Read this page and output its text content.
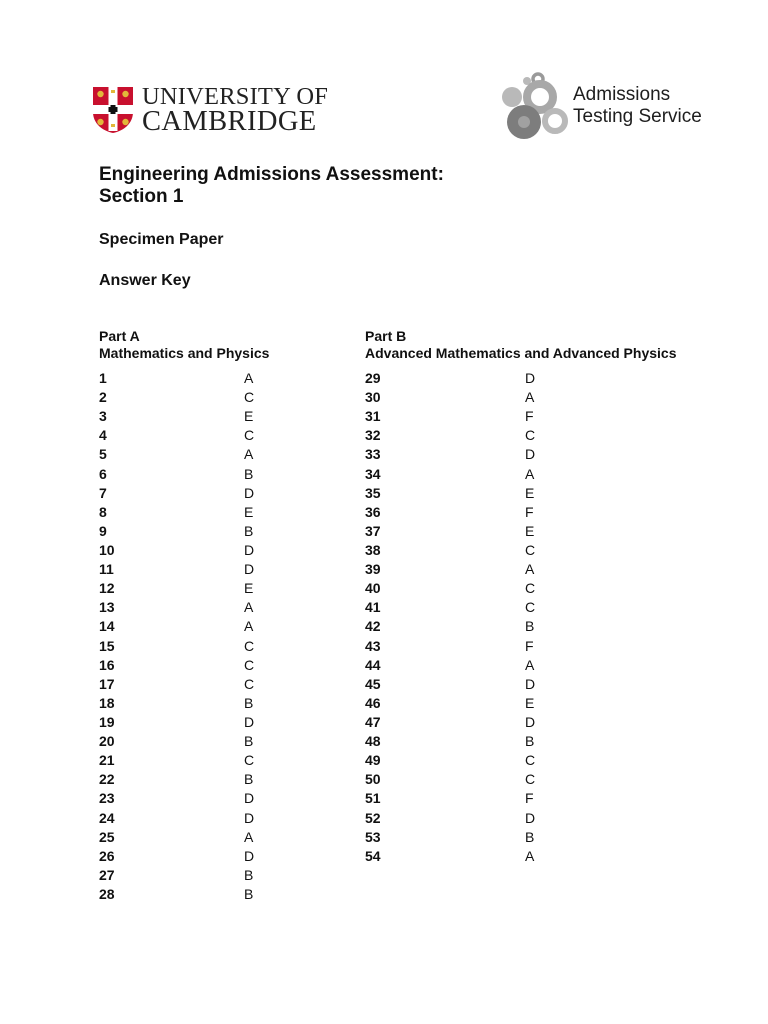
UNIVERSITY OF
CAMBRIDGE
Admissions
Testing Service
Engineering Admissions Assessment:
Section 1
Specimen Paper
Answer Key
Part A
Mathematics and Physics
Part B
Advanced Mathematics and Advanced Physics
1	A
2	C
3	E
4	C
5	A
6	B
7	D
8	E
9	B
10	D
11	D
12	E
13	A
14	A
15	C
16	C
17	C
18	B
19	D
20	B
21	C
22	B
23	D
24	D
25	A
26	D
27	B
28	B
29	D
30	A
31	F
32	C
33	D
34	A
35	E
36	F
37	E
38	C
39	A
40	C
41	C
42	B
43	F
44	A
45	D
46	E
47	D
48	B
49	C
50	C
51	F
52	D
53	B
54	A
